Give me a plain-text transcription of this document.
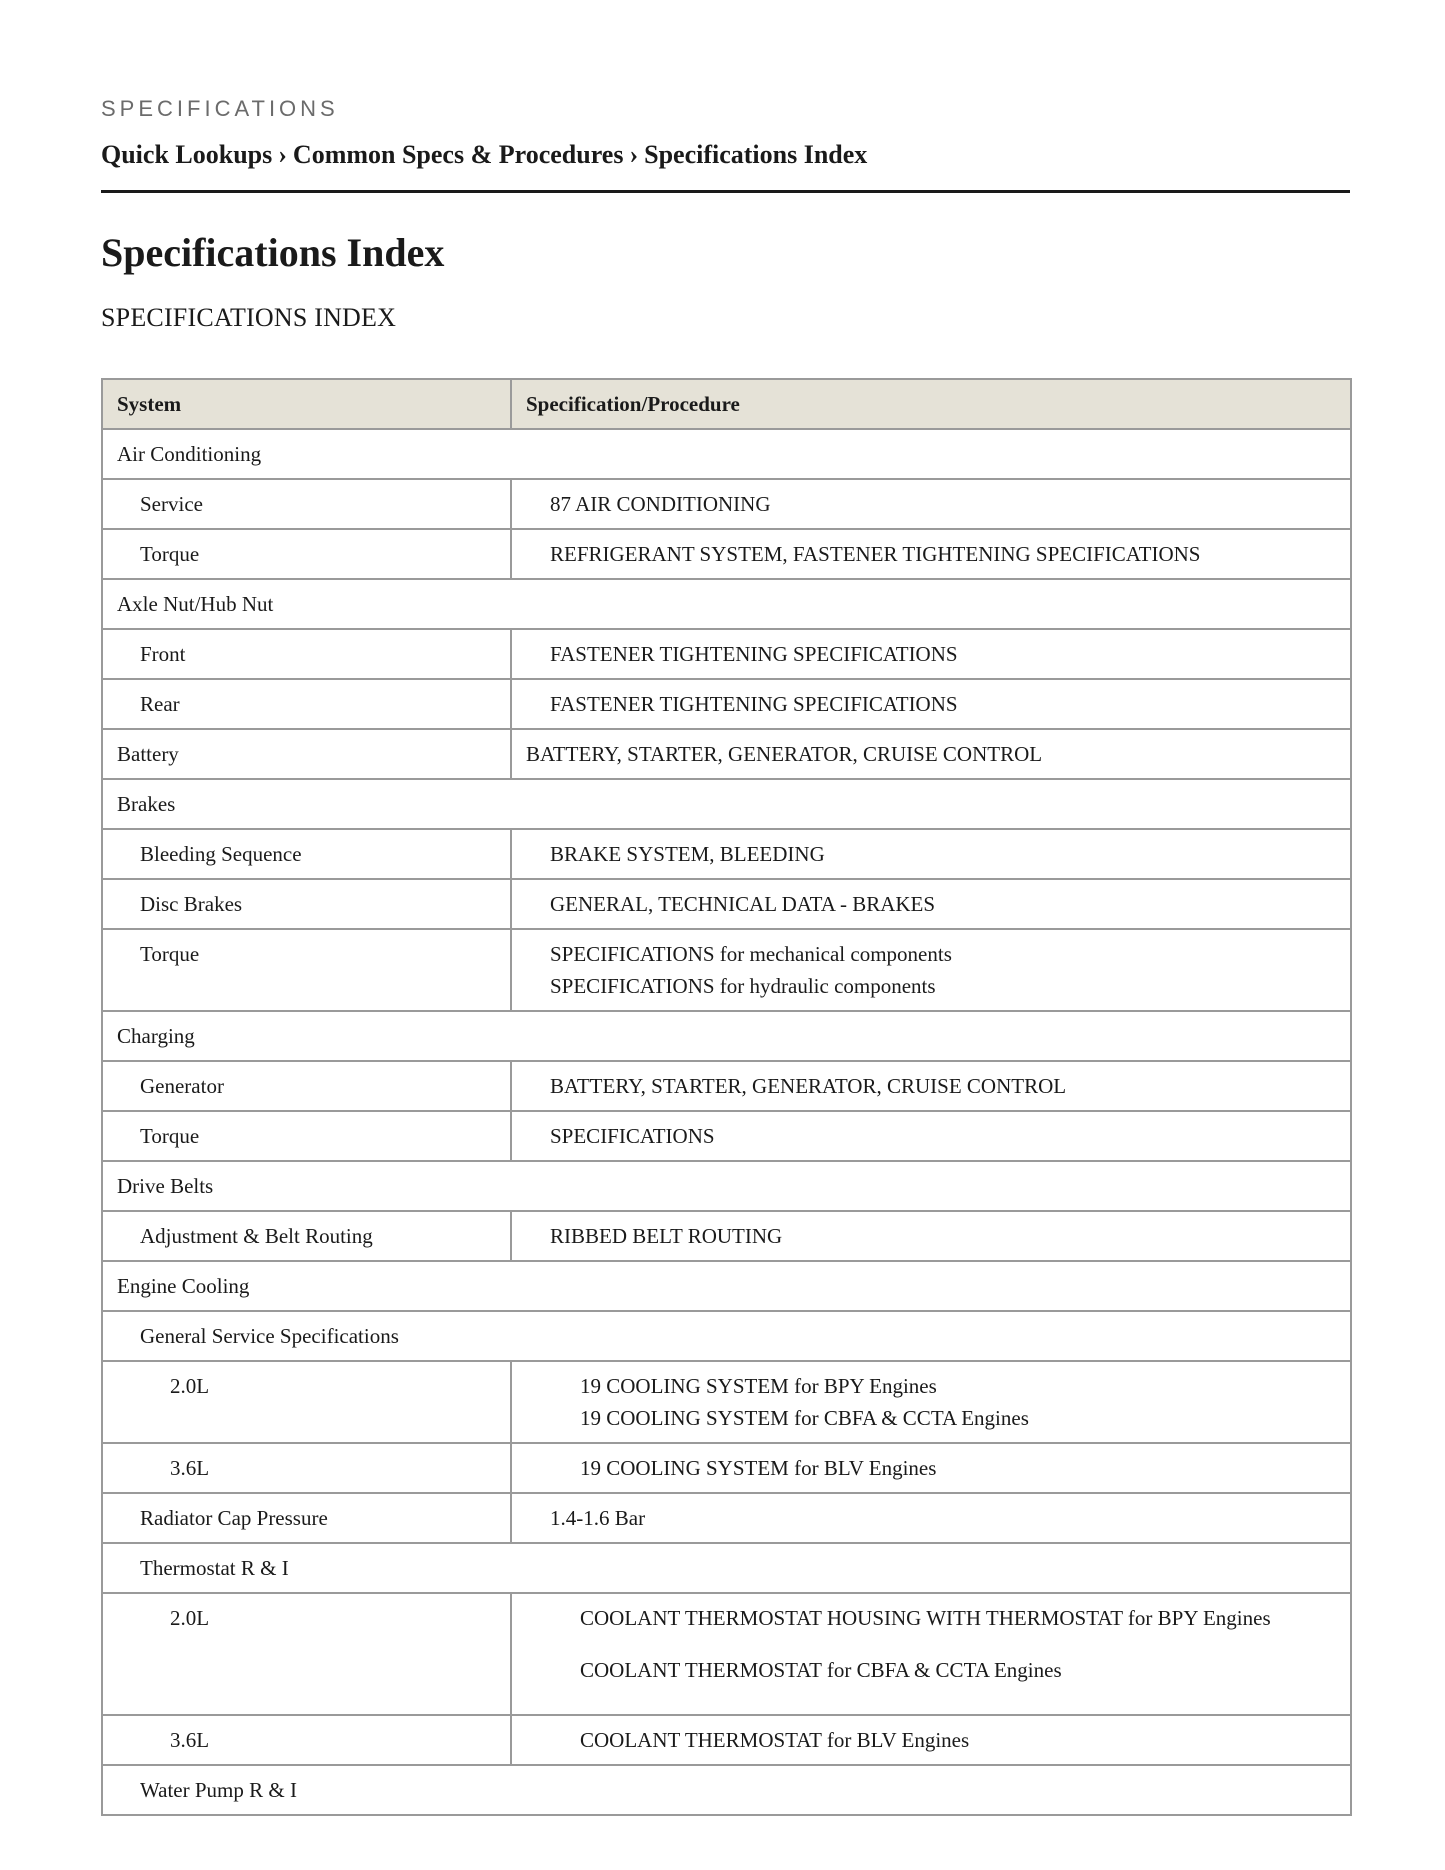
SPECIFICATIONS
Quick Lookups › Common Specs & Procedures › Specifications Index
Specifications Index
SPECIFICATIONS INDEX
System	Specification/Procedure
Air Conditioning	
Service	87 AIR CONDITIONING

Torque	REFRIGERANT SYSTEM, FASTENER TIGHTENING SPECIFICATIONS

Axle Nut/Hub Nut	
Front	FASTENER TIGHTENING SPECIFICATIONS

Rear	FASTENER TIGHTENING SPECIFICATIONS

Battery	BATTERY, STARTER, GENERATOR, CRUISE CONTROL

Brakes	
Bleeding Sequence	BRAKE SYSTEM, BLEEDING

Disc Brakes	GENERAL, TECHNICAL DATA - BRAKES

Torque	SPECIFICATIONS for mechanical components
SPECIFICATIONS for hydraulic components

Charging	
Generator	BATTERY, STARTER, GENERATOR, CRUISE CONTROL

Torque	SPECIFICATIONS

Drive Belts	
Adjustment & Belt Routing	RIBBED BELT ROUTING

Engine Cooling	
General Service Specifications	
2.0L	19 COOLING SYSTEM for BPY Engines
19 COOLING SYSTEM for CBFA & CCTA Engines

3.6L	19 COOLING SYSTEM for BLV Engines

Radiator Cap Pressure	1.4-1.6 Bar

Thermostat R & I	
2.0L	COOLANT THERMOSTAT HOUSING WITH THERMOSTAT for BPY Engines
COOLANT THERMOSTAT for CBFA & CCTA Engines

3.6L	COOLANT THERMOSTAT for BLV Engines

Water Pump R & I	
